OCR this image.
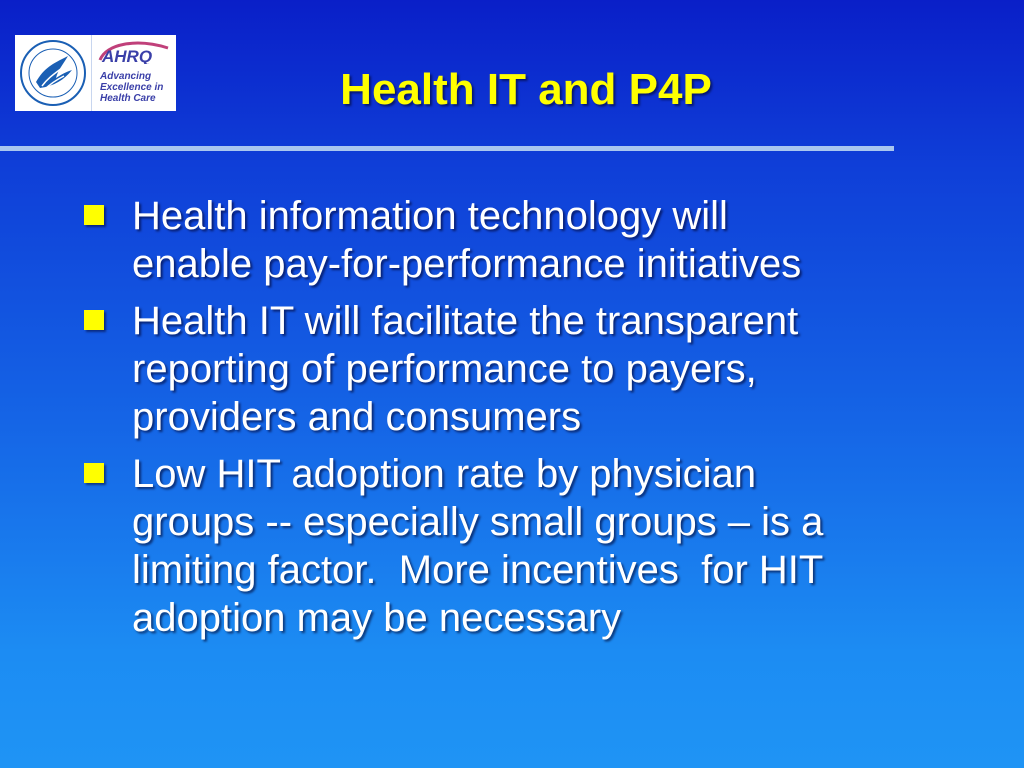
AHRQ
Advancing
Excellence in
Health Care	Health IT and P4P
Health information technology will
enable pay-for-performance initiatives
Health IT will facilitate the transparent
reporting of performance to payers,
providers and consumers
Low HIT adoption rate by physician
groups -- especially small groups – is a
limiting factor.  More incentives  for HIT
adoption may be necessary
